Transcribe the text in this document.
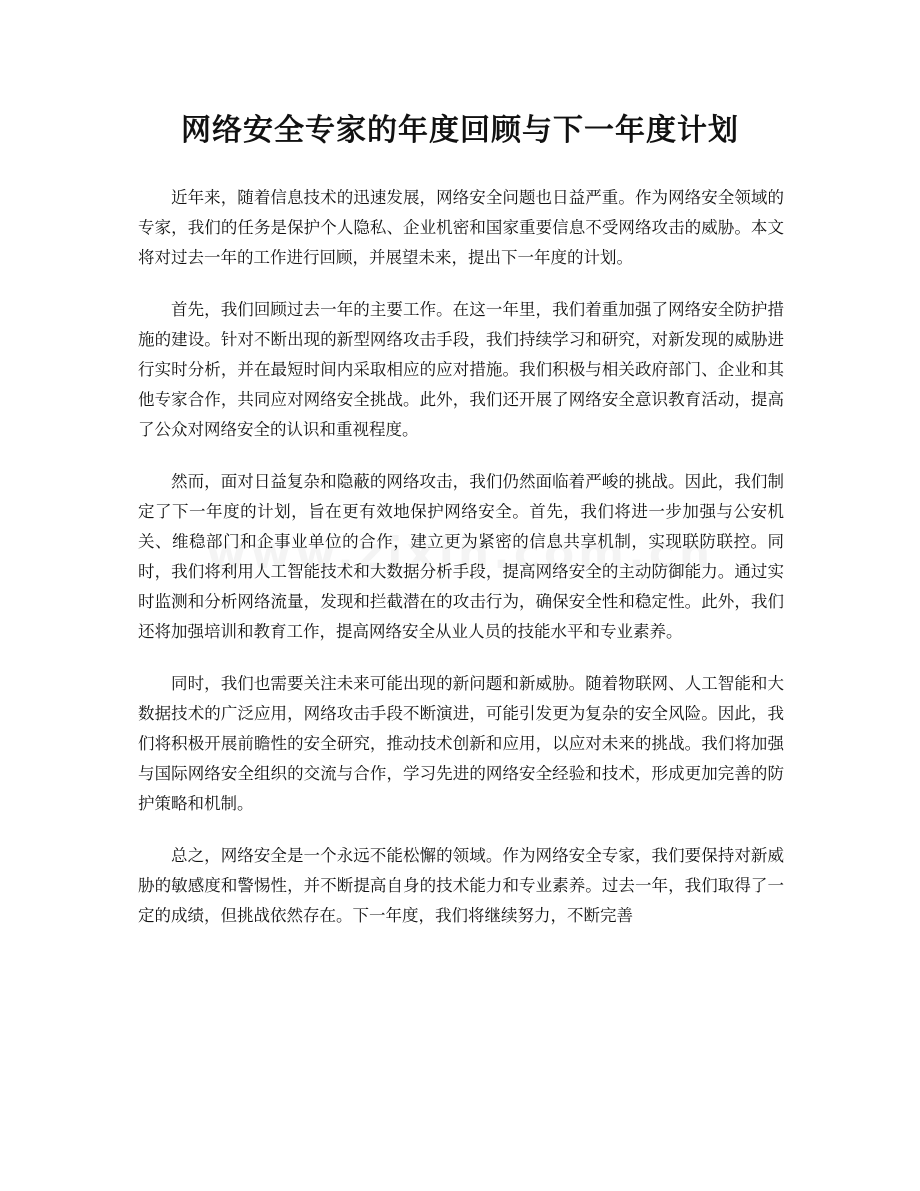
网络安全专家的年度回顾与下一年度计划

近年来，随着信息技术的迅速发展，网络安全问题也日益严重。作为网络安全领域的专家，我们的任务是保护个人隐私、企业机密和国家重要信息不受网络攻击的威胁。本文将对过去一年的工作进行回顾，并展望未来，提出下一年度的计划。

首先，我们回顾过去一年的主要工作。在这一年里，我们着重加强了网络安全防护措施的建设。针对不断出现的新型网络攻击手段，我们持续学习和研究，对新发现的威胁进行实时分析，并在最短时间内采取相应的应对措施。我们积极与相关政府部门、企业和其他专家合作，共同应对网络安全挑战。此外，我们还开展了网络安全意识教育活动，提高了公众对网络安全的认识和重视程度。

然而，面对日益复杂和隐蔽的网络攻击，我们仍然面临着严峻的挑战。因此，我们制定了下一年度的计划，旨在更有效地保护网络安全。首先，我们将进一步加强与公安机关、维稳部门和企事业单位的合作，建立更为紧密的信息共享机制，实现联防联控。同时，我们将利用人工智能技术和大数据分析手段，提高网络安全的主动防御能力。通过实时监测和分析网络流量，发现和拦截潜在的攻击行为，确保安全性和稳定性。此外，我们还将加强培训和教育工作，提高网络安全从业人员的技能水平和专业素养。

同时，我们也需要关注未来可能出现的新问题和新威胁。随着物联网、人工智能和大数据技术的广泛应用，网络攻击手段不断演进，可能引发更为复杂的安全风险。因此，我们将积极开展前瞻性的安全研究，推动技术创新和应用，以应对未来的挑战。我们将加强与国际网络安全组织的交流与合作，学习先进的网络安全经验和技术，形成更加完善的防护策略和机制。

总之，网络安全是一个永远不能松懈的领域。作为网络安全专家，我们要保持对新威胁的敏感度和警惕性，并不断提高自身的技术能力和专业素养。过去一年，我们取得了一定的成绩，但挑战依然存在。下一年度，我们将继续努力，不断完善
